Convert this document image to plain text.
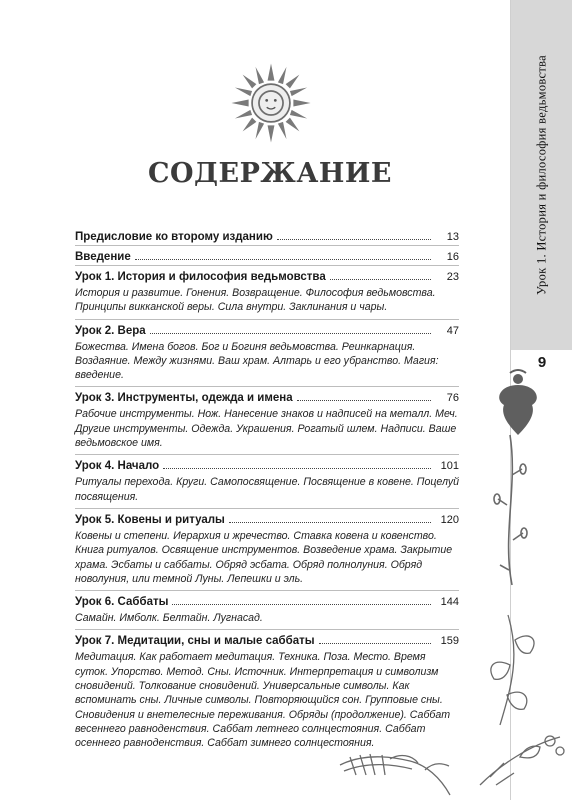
Урок 1. История и философия ведьмовства
9
СОДЕРЖАНИЕ
Предисловие ко второму изданию	13
Введение	16
Урок 1. История и философия ведьмовства	23
История и развитие. Гонения. Возвращение. Философия ведьмовства. Принципы викканской веры. Сила внутри. Заклинания и чары.
Урок 2. Вера	47
Божества. Имена богов. Бог и Богиня ведьмовства. Реинкарнация. Воздаяние. Между жизнями. Ваш храм. Алтарь и его убранство. Магия: введение.
Урок 3. Инструменты, одежда и имена	76
Рабочие инструменты. Нож. Нанесение знаков и надписей на металл. Меч. Другие инструменты. Одежда. Украшения. Рогатый шлем. Надписи. Ваше ведьмовское имя.
Урок 4. Начало	101
Ритуалы перехода. Круги. Самопосвящение. Посвящение в ковене. Поцелуй посвящения.
Урок 5. Ковены и ритуалы	120
Ковены и степени. Иерархия и жречество. Ставка ковена и ковенство. Книга ритуалов. Освящение инструментов. Возведение храма. Закрытие храма. Эсбаты и саббаты. Обряд эсбата. Обряд полнолуния. Обряд новолуния, или темной Луны. Лепешки и эль.
Урок 6. Саббаты	144
Самайн. Имболк. Белтайн. Лугнасад.
Урок 7. Медитации, сны и малые саббаты	159
Медитация. Как работает медитация. Техника. Поза. Место. Время суток. Упорство. Метод. Сны. Источник. Интерпретация и символизм сновидений. Толкование сновидений. Универсальные символы. Как вспоминать сны. Личные символы. Повторяющийся сон. Групповые сны. Сновидения и внетелесные переживания. Обряды (продолжение). Саббат весеннего равноденствия. Саббат летнего солнцестояния. Саббат осеннего равноденствия. Саббат зимнего солнцестояния.
